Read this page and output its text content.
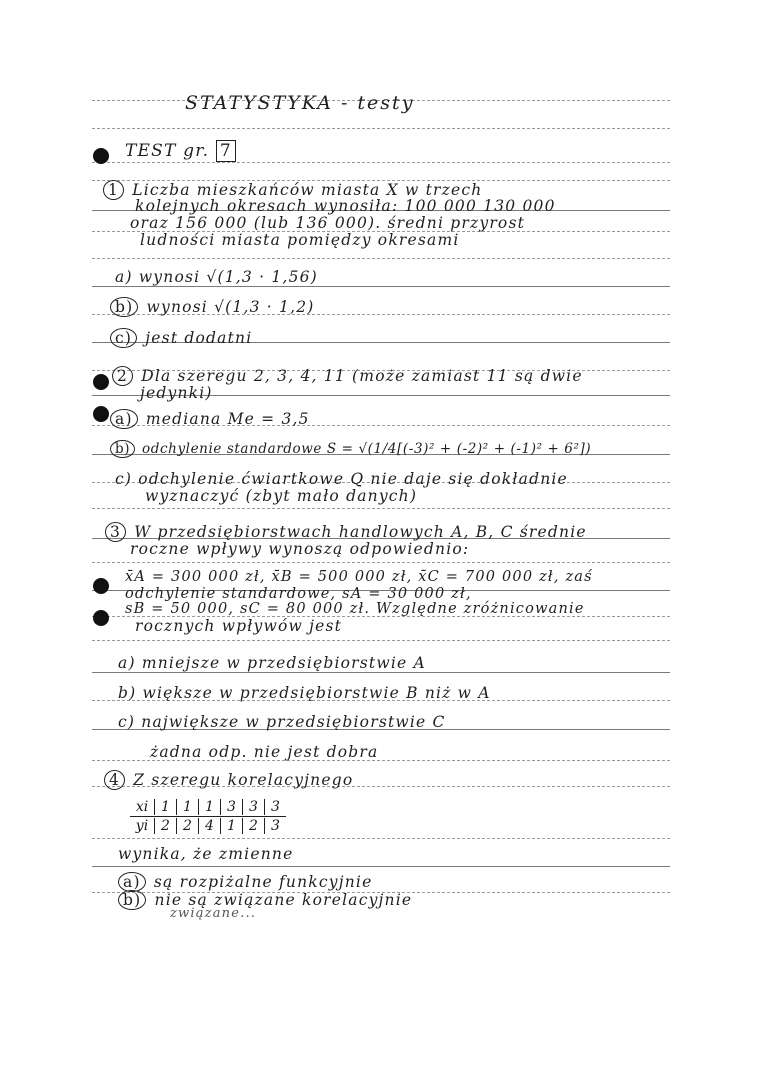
STATYSTYKA - testy
TEST gr. 7
1 Liczba mieszkańców miasta X w trzech
kolejnych okresach wynosiła: 100 000 130 000
oraz 156 000 (lub 136 000). średni przyrost
ludności miasta pomiędzy okresami
a) wynosi √(1,3 · 1,56)
b) wynosi √(1,3 · 1,2)
c) jest dodatni
2 Dla szeregu 2, 3, 4, 11 (może zamiast 11 są dwie
jedynki)
a) mediana Me = 3,5
b) odchylenie standardowe S = √(1/4[(-3)² + (-2)² + (-1)² + 6²])
c) odchylenie ćwiartkowe Q nie daje się dokładnie
wyznaczyć (zbyt mało danych)
3 W przedsiębiorstwach handlowych A, B, C średnie
roczne wpływy wynoszą odpowiednio:
x̄A = 300 000 zł, x̄B = 500 000 zł, x̄C = 700 000 zł, zaś
odchylenie standardowe, sA = 30 000 zł,
sB = 50 000, sC = 80 000 zł. Względne zróżnicowanie
rocznych wpływów jest
a) mniejsze w przedsiębiorstwie A
b) większe w przedsiębiorstwie B niż w A
c) największe w przedsiębiorstwie C
żadna odp. nie jest dobra
4 Z szeregu korelacyjnego
xi 1 1 1 3 3 3
yi 2 2 4 1 2 3
wynika, że zmienne
a) są rozpiżalne funkcyjnie
b) nie są związane korelacyjnie
związane...
